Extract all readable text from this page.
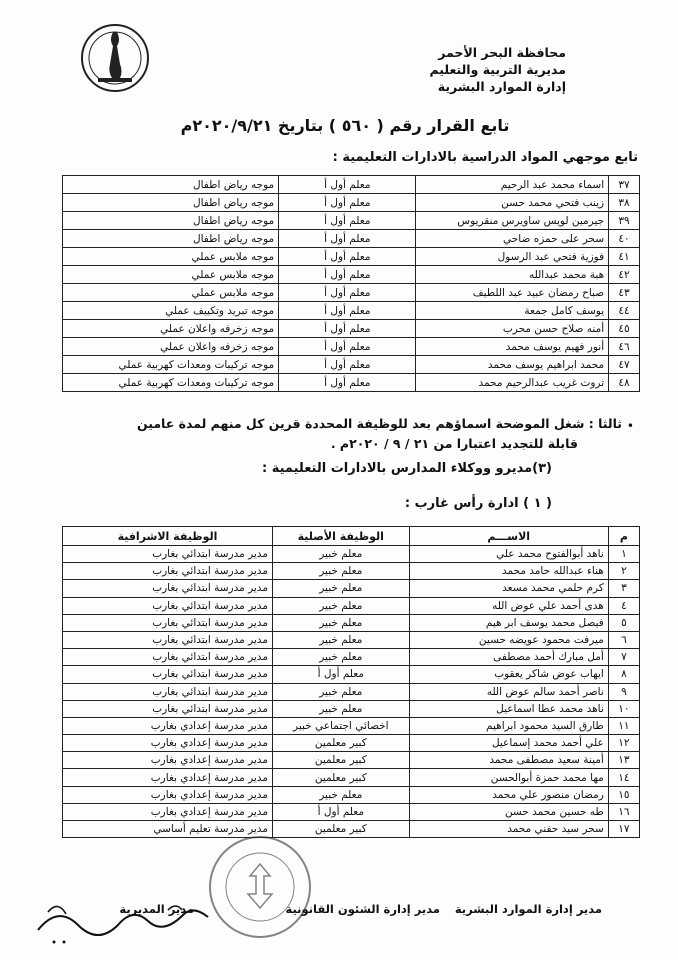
محافظة البحر الأحمر
مديرية التربية والتعليم
إدارة الموارد البشرية
تابع القرار رقم ( ٥٦٠ ) بتاريخ ٢٠٢٠/٩/٢١م
تابع موجهي المواد الدراسية بالادارات التعليمية :
٣٧	اسماء محمد عبد الرحيم	معلم أول أ	موجه رياض اطفال
٣٨	زينب فتحي محمد حسن	معلم أول أ	موجه رياض اطفال
٣٩	جيرمين لويس ساويرس منقريوس	معلم أول أ	موجه رياض اطفال
٤٠	سحر على حمزه ضاحي	معلم أول أ	موجه رياض اطفال
٤١	فوزية فتحي عبد الرسول	معلم أول أ	موجه ملابس عملي
٤٢	هبة محمد عبدالله	معلم أول أ	موجه ملابس عملي
٤٣	صباح رمضان عبيد عبد اللطيف	معلم أول أ	موجه ملابس عملي
٤٤	يوسف كامل جمعة	معلم أول أ	موجه تبريد وتكييف عملي
٤٥	أمنه صلاح حسن محرب	معلم أول أ	موجه زخرفه واعلان عملي
٤٦	أنور فهيم يوسف محمد	معلم أول أ	موجه زخرفه واعلان عملي
٤٧	محمد ابراهيم يوسف محمد	معلم أول أ	موجه تركيبات ومعدات كهربية عملي
٤٨	ثروت غريب عبدالرحيم محمد	معلم أول أ	موجه تركيبات ومعدات كهربية عملي
•
ثالثا : شغل الموضحة اسماؤهم بعد للوظيفة المحددة قرين كل منهم لمدة عامين
قابلة للتجديد اعتبارا من ٢١ / ٩ / ٢٠٢٠م .
(٣)مديرو ووكلاء المدارس بالادارات التعليمية :
( ١ ) ادارة رأس غارب :
م	الاســـم	الوظيفة الأصلية	الوظيفة الاشرافية
١	ناهد أبوالفتوح محمد علي	معلم خبير	مدير مدرسة ابتدائي بغارب
٢	هناء عبدالله حامد محمد	معلم خبير	مدير مدرسة ابتدائي بغارب
٣	كرم حلمي محمد مسعد	معلم خبير	مدير مدرسة ابتدائي بغارب
٤	هدى أحمد علي عوض الله	معلم خبير	مدير مدرسة ابتدائي بغارب
٥	فيصل محمد يوسف ابر هيم	معلم خبير	مدير مدرسة ابتدائي بغارب
٦	ميرفت محمود عويضه حسين	معلم خبير	مدير مدرسة ابتدائي بغارب
٧	أمل مبارك أحمد مصطفى	معلم خبير	مدير مدرسة ابتدائي بغارب
٨	ايهاب عوض شاكر يعقوب	معلم أول أ	مدير مدرسة ابتدائي بغارب
٩	ناصر أحمد سالم عوض الله	معلم خبير	مدير مدرسة ابتدائي بغارب
١٠	ناهد محمد عطا اسماعيل	معلم خبير	مدير مدرسة ابتدائي بغارب
١١	طارق السيد محمود ابراهيم	اخصائي اجتماعي خبير	مدير مدرسة إعدادي بغارب
١٢	علي أحمد محمد إسماعيل	كبير معلمين	مدير مدرسة إعدادي بغارب
١٣	أمينة سعيد مصطفى محمد	كبير معلمين	مدير مدرسة إعدادي بغارب
١٤	مها محمد حمزة أبوالحسن	كبير معلمين	مدير مدرسة إعدادي بغارب
١٥	رمضان منصور علي محمد	معلم خبير	مدير مدرسة إعدادي بغارب
١٦	طه حسين محمد حسن	معلم أول أ	مدير مدرسة إعدادي بغارب
١٧	سحر سيد حفني محمد	كبير معلمين	مدير مدرسة تعليم أساسي
مدير إدارة الموارد البشرية
مدير إدارة الشئون القانونية
مدير المديرية
